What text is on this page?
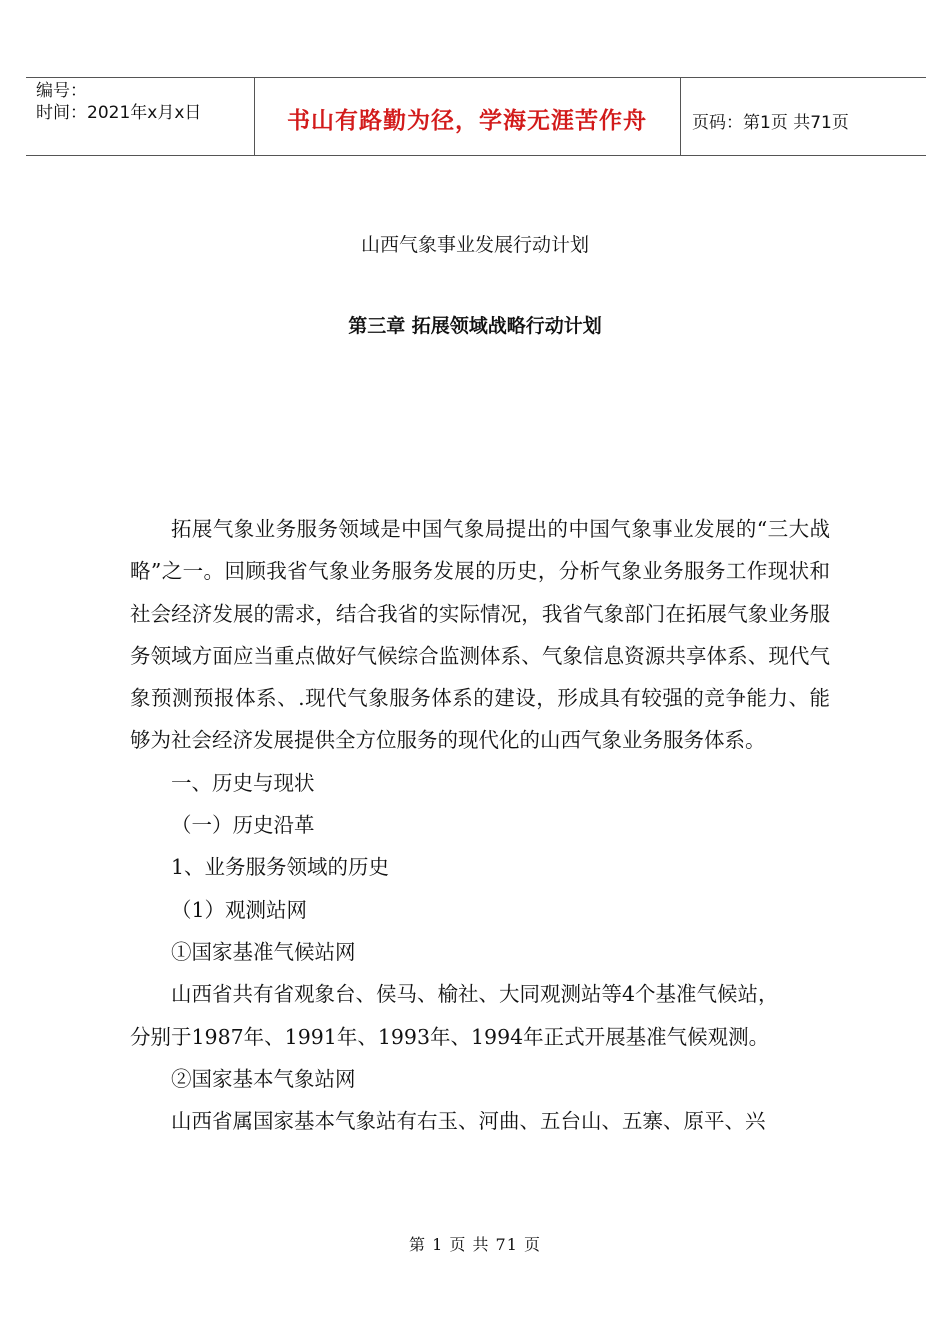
编号：
时间：2021年x月x日	书山有路勤为径，学海无涯苦作舟	页码：第1页 共71页
山西气象事业发展行动计划
第三章 拓展领域战略行动计划

拓展气象业务服务领域是中国气象局提出的中国气象事业发展的“三大战略”之一。回顾我省气象业务服务发展的历史，分析气象业务服务工作现状和社会经济发展的需求，结合我省的实际情况，我省气象部门在拓展气象业务服务领域方面应当重点做好气候综合监测体系、气象信息资源共享体系、现代气象预测预报体系、.现代气象服务体系的建设，形成具有较强的竞争能力、能够为社会经济发展提供全方位服务的现代化的山西气象业务服务体系。

一、历史与现状

（一）历史沿革

1、业务服务领域的历史

（1）观测站网

①国家基准气候站网

山西省共有省观象台、侯马、榆社、大同观测站等4个基准气候站，

分别于1987年、1991年、1993年、1994年正式开展基准气候观测。

②国家基本气象站网

山西省属国家基本气象站有右玉、河曲、五台山、五寨、原平、兴

第 1 页 共 71 页
